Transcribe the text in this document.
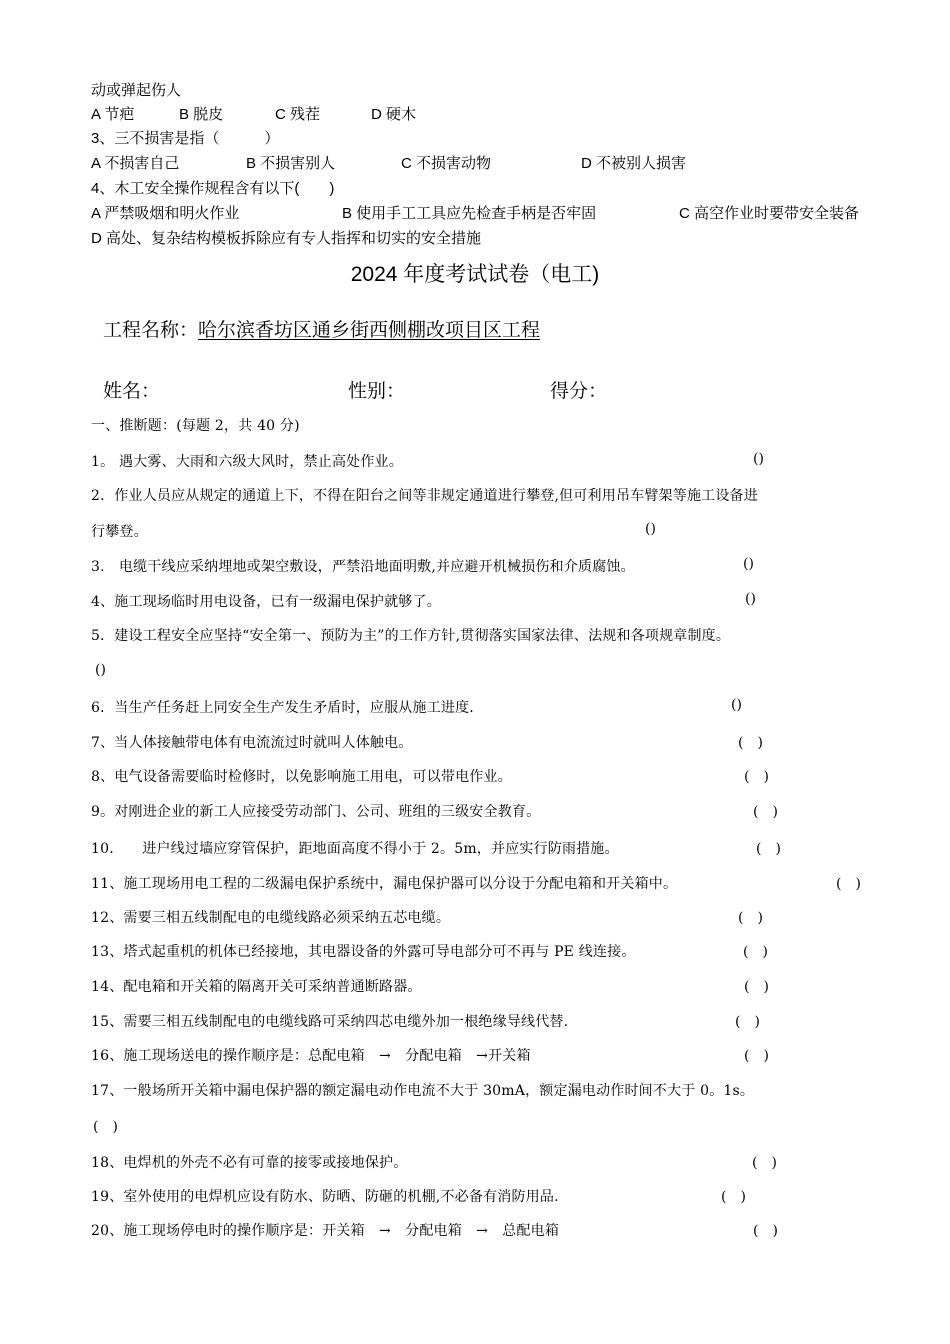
动或弹起伤人
A 节疤	B 脱皮	C 残茬	D 硬木
3、三不损害是指（　　　）
A 不损害自己	B 不损害别人	C 不损害动物	D 不被别人损害
4、木工安全操作规程含有以下(　　)
A 严禁吸烟和明火作业	B 使用手工工具应先检查手柄是否牢固	C 高空作业时要带安全装备
D 高处、复杂结构模板拆除应有专人指挥和切实的安全措施
2024 年度考试试卷（电工)
工程名称：哈尔滨香坊区通乡街西侧棚改项目区工程
姓名：	性别：	得分：
一、推断题：(每题 2，共 40 分)
1。 遇大雾、大雨和六级大风时，禁止高处作业。	()
2．作业人员应从规定的通道上下，不得在阳台之间等非规定通道进行攀登,但可利用吊车臂架等施工设备进
行攀登。	()
3.　电缆干线应采纳埋地或架空敷设，严禁沿地面明敷,并应避开机械损伤和介质腐蚀。	()
4、施工现场临时用电设备，已有一级漏电保护就够了。	()
5．建设工程安全应坚持“安全第一、预防为主”的工作方针,贯彻落实国家法律、法规和各项规章制度。
()
6．当生产任务赶上同安全生产发生矛盾时，应服从施工进度.	()
7、当人体接触带电体有电流流过时就叫人体触电。	(　)
8、电气设备需要临时检修时，以免影响施工用电，可以带电作业。	(　)
9。对刚进企业的新工人应接受劳动部门、公司、班组的三级安全教育。	(　)
10.　　进户线过墙应穿管保护，距地面高度不得小于 2。5m，并应实行防雨措施。	(　)
11、施工现场用电工程的二级漏电保护系统中，漏电保护器可以分设于分配电箱和开关箱中。	(　)
12、需要三相五线制配电的电缆线路必须采纳五芯电缆。	(　)
13、塔式起重机的机体已经接地，其电器设备的外露可导电部分可不再与 PE 线连接。	(　)
14、配电箱和开关箱的隔离开关可采纳普通断路器。	(　)
15、需要三相五线制配电的电缆线路可采纳四芯电缆外加一根绝缘导线代替.	(　)
16、施工现场送电的操作顺序是：总配电箱　→　分配电箱　→开关箱	(　)
17、一般场所开关箱中漏电保护器的额定漏电动作电流不大于 30mA，额定漏电动作时间不大于 0。1s。
(　)
18、电焊机的外壳不必有可靠的接零或接地保护。	(　)
19、室外使用的电焊机应设有防水、防晒、防砸的机棚,不必备有消防用品.	(　)
20、施工现场停电时的操作顺序是：开关箱　→　分配电箱　→　总配电箱	(　)
